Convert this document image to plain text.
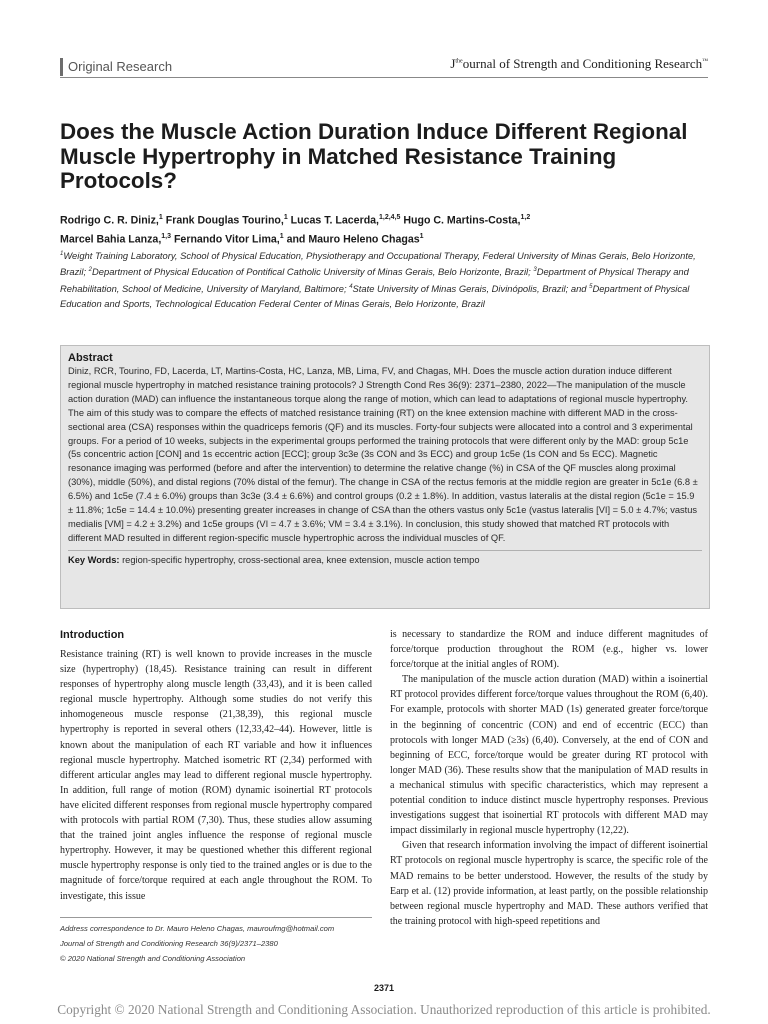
Original Research	$J^{the}ournal$ of Strength and Conditioning Research™
Does the Muscle Action Duration Induce Different Regional Muscle Hypertrophy in Matched Resistance Training Protocols?
Rodrigo C. R. Diniz,$^1$ Frank Douglas Tourino,$^1$ Lucas T. Lacerda,$^{1,2,4,5}$ Hugo C. Martins-Costa,$^{1,2}$
Marcel Bahia Lanza,$^{1,3}$ Fernando Vitor Lima,$^1$ and Mauro Heleno Chagas$^1$
$^1$Weight Training Laboratory, School of Physical Education, Physiotherapy and Occupational Therapy, Federal University of Minas Gerais, Belo Horizonte, Brazil; $^2$Department of Physical Education of Pontifical Catholic University of Minas Gerais, Belo Horizonte, Brazil; $^3$Department of Physical Therapy and Rehabilitation, School of Medicine, University of Maryland, Baltimore; $^4$State University of Minas Gerais, Divinópolis, Brazil; and $^5$Department of Physical Education and Sports, Technological Education Federal Center of Minas Gerais, Belo Horizonte, Brazil
Abstract
Diniz, RCR, Tourino, FD, Lacerda, LT, Martins-Costa, HC, Lanza, MB, Lima, FV, and Chagas, MH. Does the muscle action duration induce different regional muscle hypertrophy in matched resistance training protocols? J Strength Cond Res 36(9): 2371–2380, 2022—The manipulation of the muscle action duration (MAD) can influence the instantaneous torque along the range of motion, which can lead to adaptations of regional muscle hypertrophy. The aim of this study was to compare the effects of matched resistance training (RT) on the knee extension machine with different MAD in the cross-sectional area (CSA) responses within the quadriceps femoris (QF) and its muscles. Forty-four subjects were allocated into a control and 3 experimental groups. For a period of 10 weeks, subjects in the experimental groups performed the training protocols that were different only by the MAD: group 5c1e (5s concentric action [CON] and 1s eccentric action [ECC]; group 3c3e (3s CON and 3s ECC) and group 1c5e (1s CON and 5s ECC). Magnetic resonance imaging was performed (before and after the intervention) to determine the relative change (%) in CSA of the QF muscles along proximal (30%), middle (50%), and distal regions (70% distal of the femur). The change in CSA of the rectus femoris at the middle region are greater in 5c1e (6.8 ± 6.5%) and 1c5e (7.4 ± 6.0%) groups than 3c3e (3.4 ± 6.6%) and control groups (0.2 ± 1.8%). In addition, vastus lateralis at the distal region (5c1e = 15.9 ± 11.8%; 1c5e = 14.4 ± 10.0%) presenting greater increases in change of CSA than the others vastus only 5c1e (vastus lateralis [VI] = 5.0 ± 4.7%; vastus medialis [VM] = 4.2 ± 3.2%) and 1c5e groups (VI = 4.7 ± 3.6%; VM = 3.4 ± 3.1%). In conclusion, this study showed that matched RT protocols with different MAD resulted in different region-specific muscle hypertrophic across the individual muscles of QF.
Key Words: region-specific hypertrophy, cross-sectional area, knee extension, muscle action tempo
Introduction

Resistance training (RT) is well known to provide increases in the muscle size (hypertrophy) (18,45). Resistance training can result in different responses of hypertrophy along muscle length (33,43), and it is been called regional muscle hypertrophy. Although some studies do not verify this inhomogeneous muscle response (21,38,39), this regional muscle hypertrophy is reported in several others (12,33,42–44). However, little is known about the manipulation of each RT variable and how it influences regional muscle hypertrophy. Matched isometric RT (2,34) performed with different articular angles may lead to different regional muscle hypertrophy. In addition, full range of motion (ROM) dynamic isoinertial RT protocols have elicited different responses from regional muscle hypertrophy compared with protocols with partial ROM (7,30). Thus, these studies allow assuming that the trained joint angles influence the response of regional muscle hypertrophy. However, it may be questioned whether this different regional muscle hypertrophy response is only tied to the trained angles or is due to the magnitude of force/torque required at each angle throughout the ROM. To investigate, this issue

is necessary to standardize the ROM and induce different magnitudes of force/torque production throughout the ROM (e.g., higher vs. lower force/torque at the initial angles of ROM).

The manipulation of the muscle action duration (MAD) within a isoinertial RT protocol provides different force/torque values throughout the ROM (6,40). For example, protocols with shorter MAD (1s) generated greater force/torque in the beginning of concentric (CON) and end of eccentric (ECC) than protocols with longer MAD (≥3s) (6,40). Conversely, at the end of CON and beginning of ECC, force/torque would be greater during RT protocol with longer MAD (36). These results show that the manipulation of MAD results in a mechanical stimulus with specific characteristics, which may represent a potential condition to induce distinct muscle hypertrophy responses. Previous investigations suggest that isoinertial RT protocols with different MAD may impact dissimilarly in regional muscle hypertrophy (12,22).

Given that research information involving the impact of different isoinertial RT protocols on regional muscle hypertrophy is scarce, the specific role of the MAD remains to be better understood. However, the results of the study by Earp et al. (12) provide information, at least partly, on the possible relationship between regional muscle hypertrophy and MAD. These authors verified that the training protocol with high-speed repetitions and

Address correspondence to Dr. Mauro Heleno Chagas, mauroufmg@hotmail.com
Journal of Strength and Conditioning Research 36(9)/2371–2380
© 2020 National Strength and Conditioning Association
2371
Copyright © 2020 National Strength and Conditioning Association. Unauthorized reproduction of this article is prohibited.
